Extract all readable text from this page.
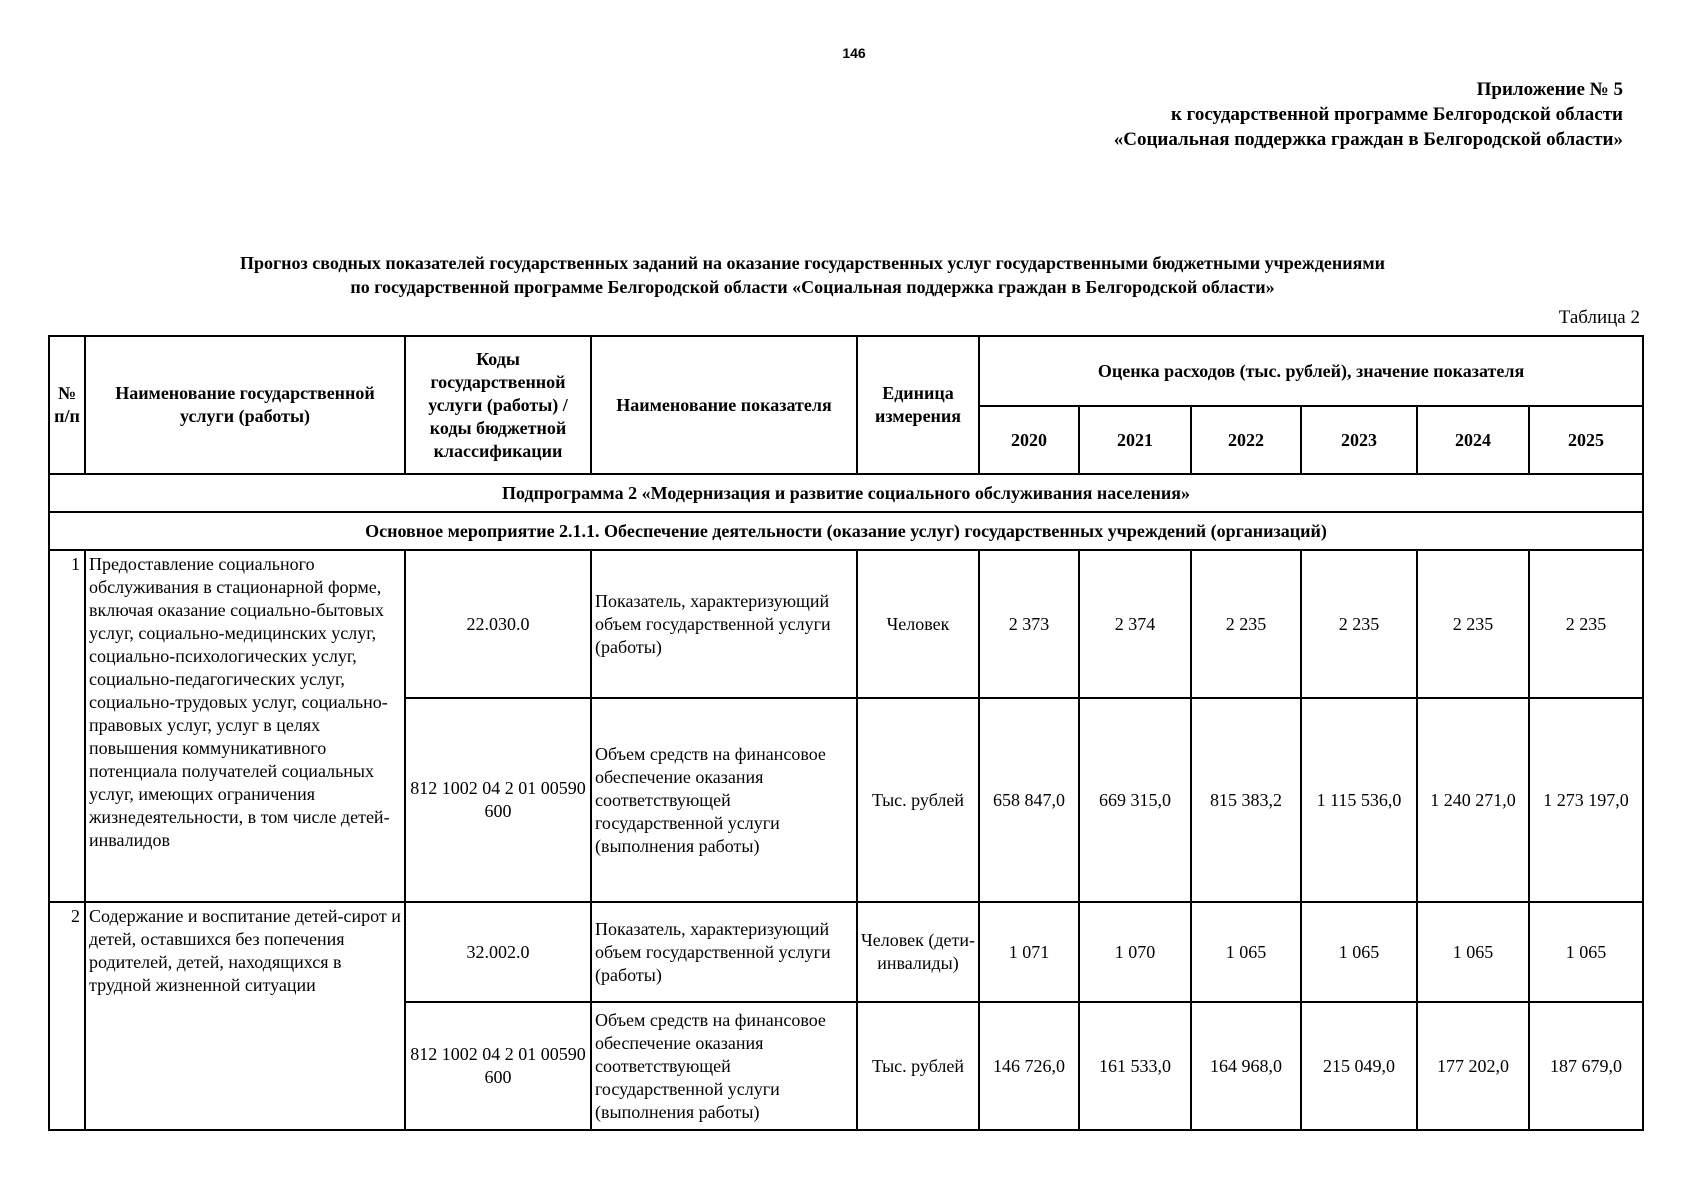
146
Приложение № 5
к государственной программе Белгородской области
«Социальная поддержка граждан в Белгородской области»
Прогноз сводных показателей государственных заданий на оказание государственных услуг государственными бюджетными учреждениями
по государственной программе Белгородской области «Социальная поддержка граждан в Белгородской области»
Таблица 2
№ п/п	Наименование государственной услуги (работы)	Коды государственной услуги (работы) / коды бюджетной классификации	Наименование показателя	Единица измерения	Оценка расходов (тыс. рублей), значение показателя					
					2020	2021	2022	2023	2024	2025
Подпрограмма 2 «Модернизация и развитие социального обслуживания населения»										
Основное мероприятие 2.1.1. Обеспечение деятельности (оказание услуг) государственных учреждений (организаций)										
1	Предоставление социального обслуживания в стационарной форме, включая оказание социально-бытовых услуг, социально-медицинских услуг, социально-психологических услуг, социально-педагогических услуг, социально-трудовых услуг, социально-правовых услуг, услуг в целях повышения коммуникативного потенциала получателей социальных услуг, имеющих ограничения жизнедеятельности, в том числе детей-инвалидов	22.030.0	Показатель, характеризующий объем государственной услуги (работы)	Человек	2 373	2 374	2 235	2 235	2 235	2 235
		812 1002 04 2 01 00590 600	Объем средств на финансовое обеспечение оказания соответствующей государственной услуги (выполнения работы)	Тыс. рублей	658 847,0	669 315,0	815 383,2	1 115 536,0	1 240 271,0	1 273 197,0
2	Содержание и воспитание детей-сирот и детей, оставшихся без попечения родителей, детей, находящихся в трудной жизненной ситуации	32.002.0	Показатель, характеризующий объем государственной услуги (работы)	Человек (дети-инвалиды)	1 071	1 070	1 065	1 065	1 065	1 065
		812 1002 04 2 01 00590 600	Объем средств на финансовое обеспечение оказания соответствующей государственной услуги (выполнения работы)	Тыс. рублей	146 726,0	161 533,0	164 968,0	215 049,0	177 202,0	187 679,0
